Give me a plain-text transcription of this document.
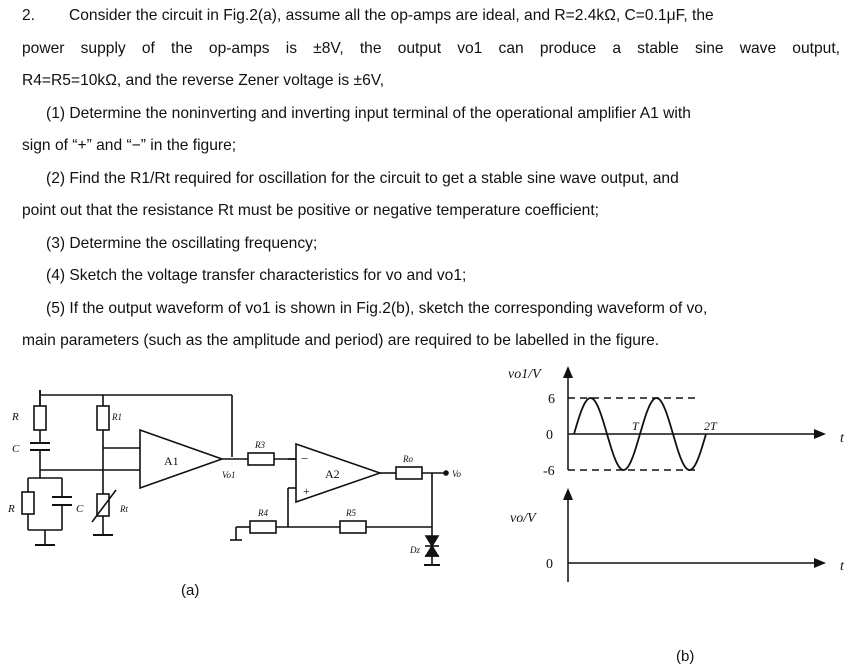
2. Consider the circuit in Fig.2(a), assume all the op-amps are ideal, and R=2.4kΩ, C=0.1μF, the
power supply of the op-amps is ±8V, the output vo1 can produce a stable sine wave output,
R4=R5=10kΩ, and the reverse Zener voltage is ±6V,
(1) Determine the noninverting and inverting input terminal of the operational amplifier A1 with
sign of “+” and “−” in the figure;
(2) Find the R1/Rt required for oscillation for the circuit to get a stable sine wave output, and
point out that the resistance Rt must be positive or negative temperature coefficient;
(3) Determine the oscillating frequency;
(4) Sketch the voltage transfer characteristics for vo and vo1;
(5) If the output waveform of vo1 is shown in Fig.2(b), sketch the corresponding waveform of vo,
main parameters (such as the amplitude and period) are required to be labelled in the figure.
R
C
R1
R	C	Rt
A1
Vo1
R3
−
+
A2
Ro
Vo
R4	R5
Dz
(a)
vo1/V
6
0
-6
T	2T
t
vo/V
0	t
(b)
